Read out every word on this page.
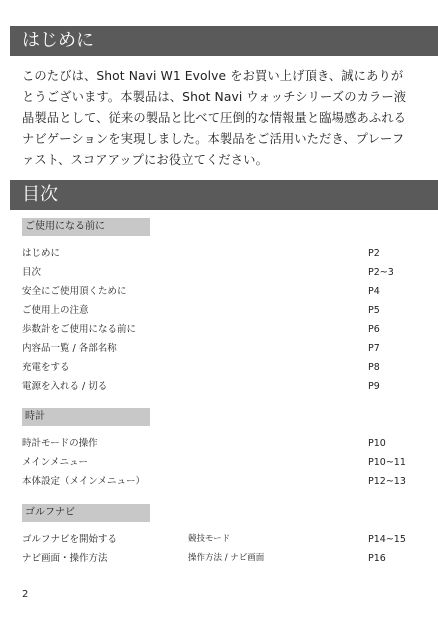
はじめに

このたびは、Shot Navi W1 Evolve をお買い上げ頂き、誠にありがとうございます。本製品は、Shot Navi ウォッチシリーズのカラー液晶製品として、従来の製品と比べて圧倒的な情報量と臨場感あふれるナビゲーションを実現しました。本製品をご活用いただき、プレーファスト、スコアアップにお役立てください。

目次
ご使用になる前に
はじめに	P2
目次	P2~3
安全にご使用頂くために	P4
ご使用上の注意	P5
歩数計をご使用になる前に	P6
内容品一覧 / 各部名称	P7
充電をする	P8
電源を入れる / 切る	P9
時計
時計モードの操作	P10
メインメニュー	P10~11
本体設定（メインメニュー）	P12~13
ゴルフナビ
ゴルフナビを開始する	競技モード	P14~15
ナビ画面・操作方法	操作方法 / ナビ画面	P16
2
